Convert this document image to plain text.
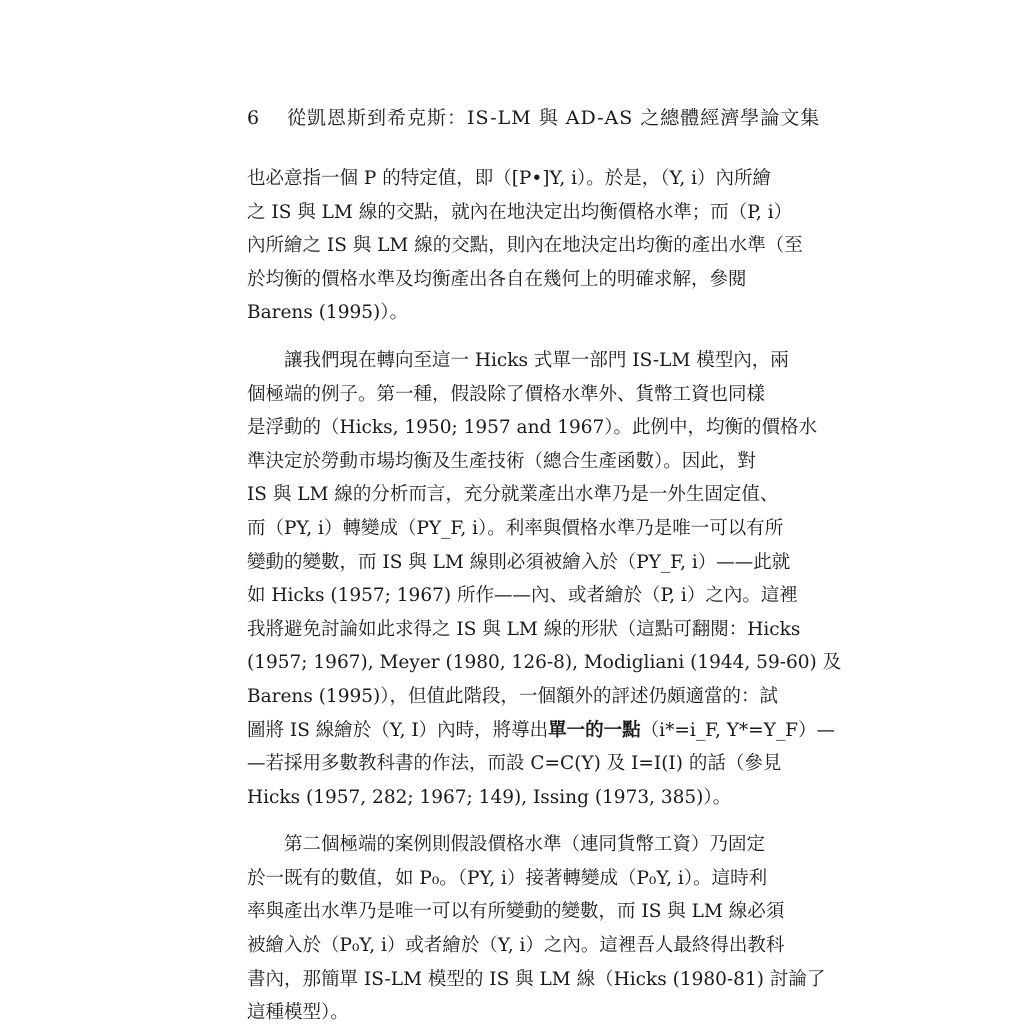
6 從凱恩斯到希克斯：IS-LM 與 AD-AS 之總體經濟學論文集
也必意指一個 P 的特定值，即（[P•]Y, i）。於是，（Y, i）內所繪
之 IS 與 LM 線的交點，就內在地決定出均衡價格水準；而（P, i）
內所繪之 IS 與 LM 線的交點，則內在地決定出均衡的產出水準（至
於均衡的價格水準及均衡產出各自在幾何上的明確求解，參閱
Barens (1995)）。
讓我們現在轉向至這一 Hicks 式單一部門 IS-LM 模型內，兩
個極端的例子。第一種，假設除了價格水準外、貨幣工資也同樣
是浮動的（Hicks, 1950; 1957 and 1967）。此例中，均衡的價格水
準決定於勞動市場均衡及生產技術（總合生產函數）。因此，對
IS 與 LM 線的分析而言，充分就業產出水準乃是一外生固定值、
而（PY, i）轉變成（PY_F, i）。利率與價格水準乃是唯一可以有所
變動的變數，而 IS 與 LM 線則必須被繪入於（PY_F, i）——此就
如 Hicks (1957; 1967) 所作——內、或者繪於（P, i）之內。這裡
我將避免討論如此求得之 IS 與 LM 線的形狀（這點可翻閱：Hicks
(1957; 1967), Meyer (1980, 126-8), Modigliani (1944, 59-60) 及
Barens (1995)），但值此階段，一個額外的評述仍頗適當的：試
圖將 IS 線繪於（Y, I）內時，將導出單一的一點（i*=i_F, Y*=Y_F）—
—若採用多數教科書的作法，而設 C=C(Y) 及 I=I(I) 的話（參見
Hicks (1957, 282; 1967; 149), Issing (1973, 385)）。
第二個極端的案例則假設價格水準（連同貨幣工資）乃固定
於一既有的數值，如 P₀。（PY, i）接著轉變成（P₀Y, i）。這時利
率與產出水準乃是唯一可以有所變動的變數，而 IS 與 LM 線必須
被繪入於（P₀Y, i）或者繪於（Y, i）之內。這裡吾人最終得出教科
書內，那簡單 IS-LM 模型的 IS 與 LM 線（Hicks (1980-81) 討論了
這種模型）。
